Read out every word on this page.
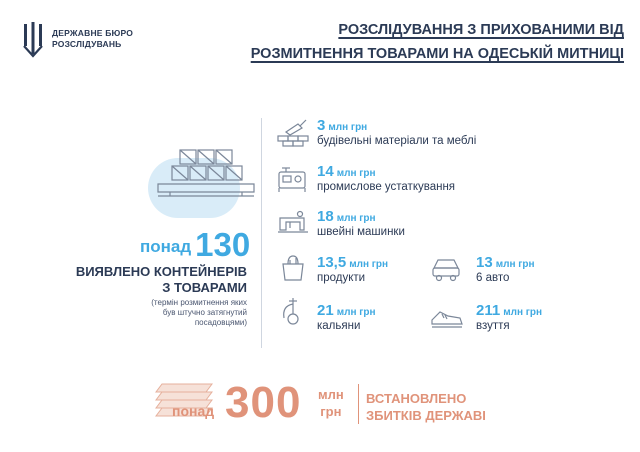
ДЕРЖАВНЕ БЮРО
РОЗСЛІДУВАНЬ
РОЗСЛІДУВАННЯ З ПРИХОВАНИМИ ВІД
РОЗМИТНЕННЯ ТОВАРАМИ НА ОДЕСЬКІЙ МИТНИЦІ
понад 130
ВИЯВЛЕНО КОНТЕЙНЕРІВ
З ТОВАРАМИ
(термін розмитнення яких
був штучно затягнутий
посадовцями)
3 млн грн
будівельні матеріали та меблі
14 млн грн
промислове устаткування
18 млн грн
швейні машинки
13,5 млн грн
продукти
13 млн грн
6 авто
21 млн грн
кальяни
211 млн грн
взуття
понад 300 млн
грн
ВСТАНОВЛЕНО
ЗБИТКІВ ДЕРЖАВІ
